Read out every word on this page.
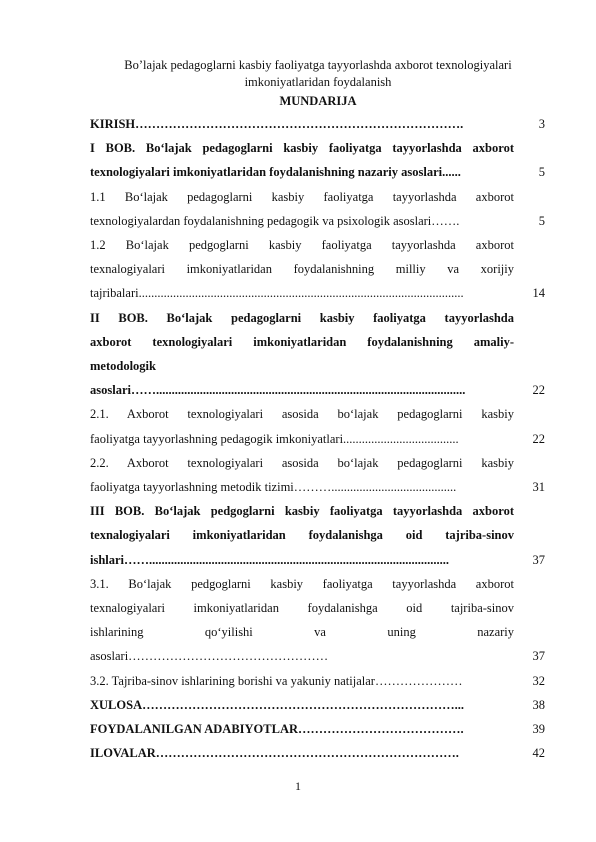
Bo’lajak pedagoglarni kasbiy faoliyatga tayyorlashda axborot texnologiyalari
imkoniyatlaridan foydalanish
MUNDARIJA
KIRISH…………………………………………………………………….	3
I BOB. Bo‘lajak pedagoglarni kasbiy faoliyatga tayyorlashda axborot
texnologiyalari imkoniyatlaridan foydalanishning nazariy asoslari......	5
1.1 Bo‘lajak pedagoglarni kasbiy faoliyatga tayyorlashda axborot
texnologiyalardan foydalanishning pedagogik va psixologik asoslari…….	5
1.2 Bo‘lajak pedgoglarni kasbiy faoliyatga tayyorlashda axborot
texnalogiyalari imkoniyatlaridan foydalanishning milliy va xorijiy
tajribalari........................................................................................................	14
II BOB. Bo‘lajak pedagoglarni kasbiy faoliyatga tayyorlashda
axborot texnologiyalari imkoniyatlaridan foydalanishning amaliy-
metodologik
asoslari……...................................................................................................	22
2.1. Axborot texnologiyalari asosida bo‘lajak pedagoglarni kasbiy
faoliyatga tayyorlashning pedagogik imkoniyatlari.....................................	22
2.2. Axborot texnologiyalari asosida bo‘lajak pedagoglarni kasbiy
faoliyatga tayyorlashning metodik tizimi………........................................	31
III BOB. Bo‘lajak pedgoglarni kasbiy faoliyatga tayyorlashda axborot
texnalogiyalari imkoniyatlaridan foydalanishga oid tajriba-sinov
ishlari……................................................................................................	37
3.1. Bo‘lajak pedgoglarni kasbiy faoliyatga tayyorlashda axborot
texnalogiyalari imkoniyatlaridan foydalanishga oid tajriba-sinov
ishlarining qo‘yilishi va uning nazariy
asoslari…………………………………………	37
3.2. Tajriba-sinov ishlarining borishi va yakuniy natijalar…………………	32
XULOSA…………………………………………………………………...	38
FOYDALANILGAN ADABIYOTLAR………………………………….	39
ILOVALAR……………………………………………………………….	42
1
